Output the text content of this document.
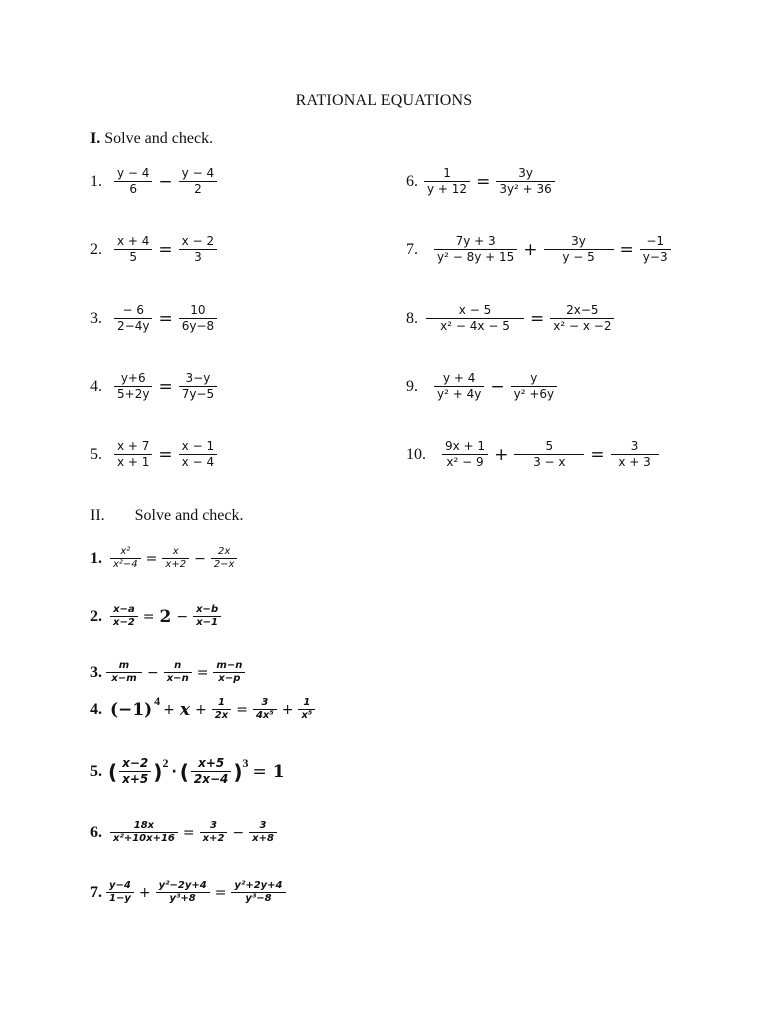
RATIONAL EQUATIONS
I. Solve and check.
1. $\frac{y - 4}{6} - \frac{y - 4}{2}$
2. $\frac{x + 4}{5} = \frac{x - 2}{3}$
3. $\frac{- 6}{2-4y} = \frac{10}{6y-8}$
4. $\frac{y+6}{5+2y} = \frac{3-y}{7y-5}$
5. $\frac{x + 7}{x + 1} = \frac{x - 1}{x - 4}$
6. $\frac{1}{y + 12} = \frac{3y}{\text{3y² + 36}}$
7. $\frac{7y + 3}{\text{y² − 8y + 15}} + \frac{3y}{y - 5} = \frac{-1}{y-3}$
8. $\frac{x - 5}{\text{x² − 4x − 5}} = \frac{2x-5}{\text{x² − x −2}}$
9. $\frac{y + 4}{\text{y² + 4y}} - \frac{y}{\text{y² +6y}}$
10. $\frac{9x + 1}{\text{x² − 9}} + \frac{5}{3 - x} = \frac{3}{x + 3}$
II. Solve and check.
1. $\frac{\text{x²}}{\text{x²−4}} = \frac{x}{x+2} - \frac{2x}{2-x}$
2. $\frac{x-a}{x-2} = 2 - \frac{x-b}{x-1}$
3. $\frac{m}{x-m} - \frac{n}{x-n} = \frac{m-n}{x-p}$
4. (−1) 4
+ $x + \frac{1}{2x} = \frac{3}{\text{4x⁵}} + \frac{1}{\text{x⁵}}$
5. ( $\frac{x-2}{x+5}$ ) 2
· ( $\frac{x+5}{2x-4}$ ) 3 = 1
6. $\frac{18x}{\text{x²+10x+16}} = \frac{3}{x+2} - \frac{3}{x+8}$
7. $\frac{y-4}{1-y} + \frac{\text{y²−2y+4}}{\text{y³+8}} = \frac{\text{y²+2y+4}}{\text{y³−8}}$
